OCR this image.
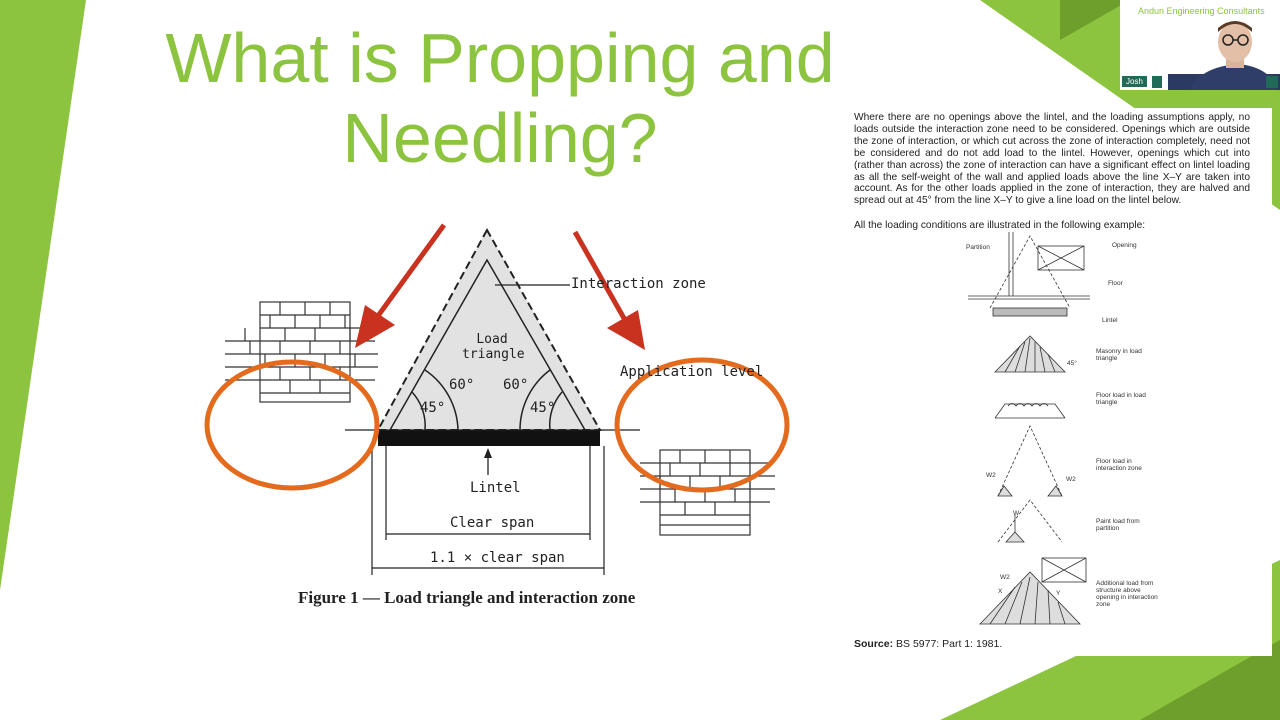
What is Propping and Needling?
Interaction zone
Load triangle
60° 60°
45°	45°
Application level
Lintel
Clear span
1.1 × clear span
Figure 1 — Load triangle and interaction zone

Where there are no openings above the lintel, and the loading assumptions apply, no loads outside the interaction zone need to be considered. Openings which are outside the zone of interaction, or which cut across the zone of interaction completely, need not be considered and do not add load to the lintel. However, openings which cut into (rather than across) the zone of interaction can have a significant effect on lintel loading as all the self-weight of the wall and applied loads above the line X–Y are taken into account. As for the other loads applied in the zone of interaction, they are halved and spread out at 45° from the line X–Y to give a line load on the lintel below.

All the loading conditions are illustrated in the following example:

Partition	Opening
Floor
Lintel
45°
Masonry in load triangle
Floor load in load triangle
Floor load in interaction zone
W2
W2
W
Paint load from partition
W2
X	Y
Additional load from structure above opening in interaction zone
Source: BS 5977: Part 1: 1981.
Andun Engineering Consultants
Josh
